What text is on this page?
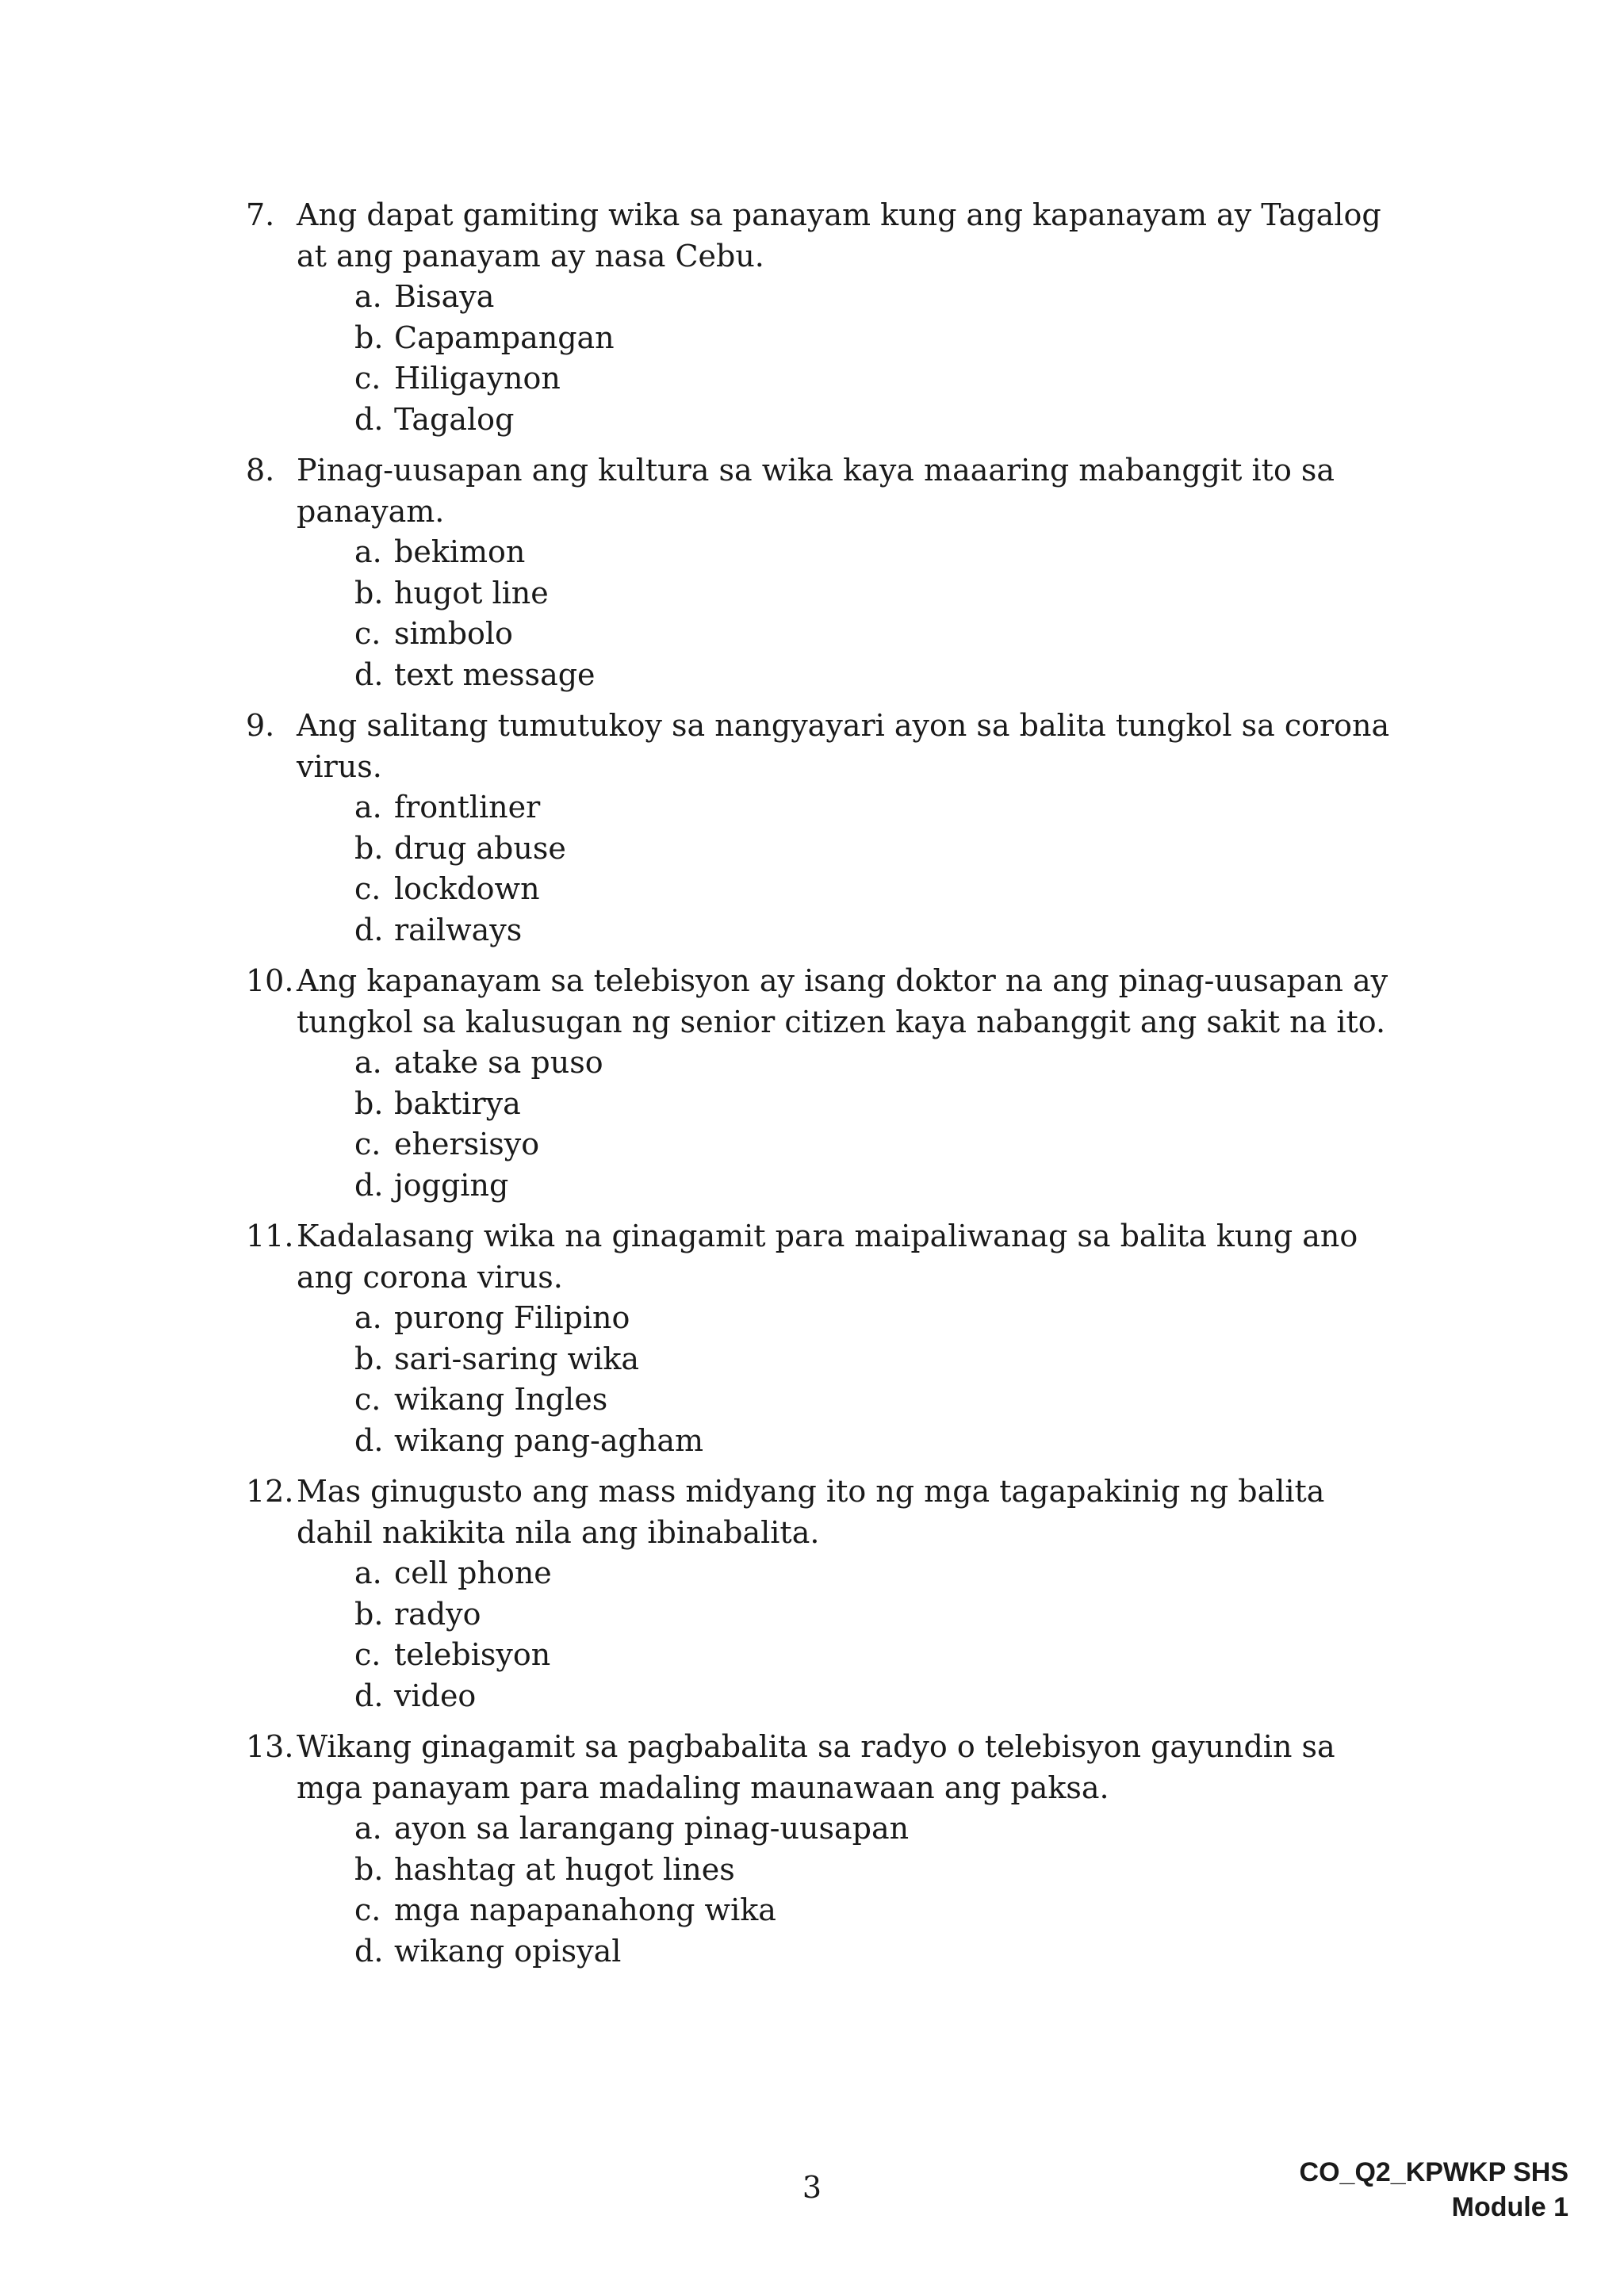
7. Ang dapat gamiting wika sa panayam kung ang kapanayam ay Tagalog at ang panayam ay nasa Cebu.
a. Bisaya
b. Capampangan
c. Hiligaynon
d. Tagalog
8. Pinag-uusapan ang kultura sa wika kaya maaaring mabanggit ito sa panayam.
a. bekimon
b. hugot line
c. simbolo
d. text message
9. Ang salitang tumutukoy sa nangyayari ayon sa balita tungkol sa corona virus.
a. frontliner
b. drug abuse
c. lockdown
d. railways
10. Ang kapanayam sa telebisyon ay isang doktor na ang pinag-uusapan ay tungkol sa kalusugan ng senior citizen kaya nabanggit ang sakit na ito.
a. atake sa puso
b. baktirya
c. ehersisyo
d. jogging
11. Kadalasang wika na ginagamit para maipaliwanag sa balita kung ano ang corona virus.
a. purong Filipino
b. sari-saring wika
c. wikang Ingles
d. wikang pang-agham
12. Mas ginugusto ang mass midyang ito ng mga tagapakinig ng balita dahil nakikita nila ang ibinabalita.
a. cell phone
b. radyo
c. telebisyon
d. video
13. Wikang ginagamit sa pagbabalita sa radyo o telebisyon gayundin sa mga panayam para madaling maunawaan ang paksa.
a. ayon sa larangang pinag-uusapan
b. hashtag at hugot lines
c. mga napapanahong wika
d. wikang opisyal
3	CO_Q2_KPWKP SHS
Module 1
